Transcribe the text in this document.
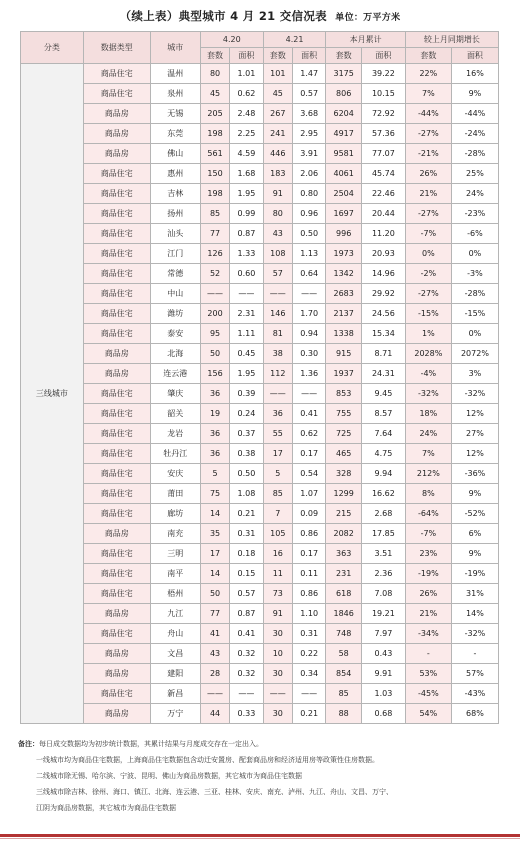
（续上表）典型城市 4 月 21 交信况表 单位：万平方米
分类	数据类型	城市	4.20		4.21		本月累计		较上月同期增长	
			套数	面积	套数	面积	套数	面积	套数	面积
三线城市	商品住宅	温州	80	1.01	101	1.47	3175	39.22	22%	16%
	商品住宅	泉州	45	0.62	45	0.57	806	10.15	7%	9%
	商品房	无锡	205	2.48	267	3.68	6204	72.92	-44%	-44%
	商品房	东莞	198	2.25	241	2.95	4917	57.36	-27%	-24%
	商品房	佛山	561	4.59	446	3.91	9581	77.07	-21%	-28%
	商品住宅	惠州	150	1.68	183	2.06	4061	45.74	26%	25%
	商品住宅	吉林	198	1.95	91	0.80	2504	22.46	21%	24%
	商品住宅	扬州	85	0.99	80	0.96	1697	20.44	-27%	-23%
	商品住宅	汕头	77	0.87	43	0.50	996	11.20	-7%	-6%
	商品住宅	江门	126	1.33	108	1.13	1973	20.93	0%	0%
	商品住宅	常德	52	0.60	57	0.64	1342	14.96	-2%	-3%
	商品住宅	中山	——	——	——	——	2683	29.92	-27%	-28%
	商品住宅	潍坊	200	2.31	146	1.70	2137	24.56	-15%	-15%
	商品住宅	泰安	95	1.11	81	0.94	1338	15.34	1%	0%
	商品房	北海	50	0.45	38	0.30	915	8.71	2028%	2072%
	商品房	连云港	156	1.95	112	1.36	1937	24.31	-4%	3%
	商品住宅	肇庆	36	0.39	——	——	853	9.45	-32%	-32%
	商品住宅	韶关	19	0.24	36	0.41	755	8.57	18%	12%
	商品住宅	龙岩	36	0.37	55	0.62	725	7.64	24%	27%
	商品住宅	牡丹江	36	0.38	17	0.17	465	4.75	7%	12%
	商品住宅	安庆	5	0.50	5	0.54	328	9.94	212%	-36%
	商品住宅	莆田	75	1.08	85	1.07	1299	16.62	8%	9%
	商品住宅	廊坊	14	0.21	7	0.09	215	2.68	-64%	-52%
	商品房	南充	35	0.31	105	0.86	2082	17.85	-7%	6%
	商品住宅	三明	17	0.18	16	0.17	363	3.51	23%	9%
	商品住宅	南平	14	0.15	11	0.11	231	2.36	-19%	-19%
	商品住宅	梧州	50	0.57	73	0.86	618	7.08	26%	31%
	商品房	九江	77	0.87	91	1.10	1846	19.21	21%	14%
	商品住宅	舟山	41	0.41	30	0.31	748	7.97	-34%	-32%
	商品房	文昌	43	0.32	10	0.22	58	0.43	-	-
	商品房	建阳	28	0.32	30	0.34	854	9.91	53%	57%
	商品住宅	新昌	——	——	——	——	85	1.03	-45%	-43%
	商品房	万宁	44	0.33	30	0.21	88	0.68	54%	68%
备注：每日成交数据均为初步统计数据，其累计结果与月度成交存在一定出入。
一线城市均为商品住宅数据，上海商品住宅数据包含动迁安置房、配套商品房和经济适用房等政策性住房数据。
二线城市除无锡、哈尔滨、宁波、昆明、佛山为商品房数据，其它城市为商品住宅数据
三线城市除吉林、徐州、海口、镇江、北海、连云港、三亚、桂林、安庆、南充、泸州、九江、舟山、文昌、万宁、
江阴为商品房数据，其它城市为商品住宅数据
